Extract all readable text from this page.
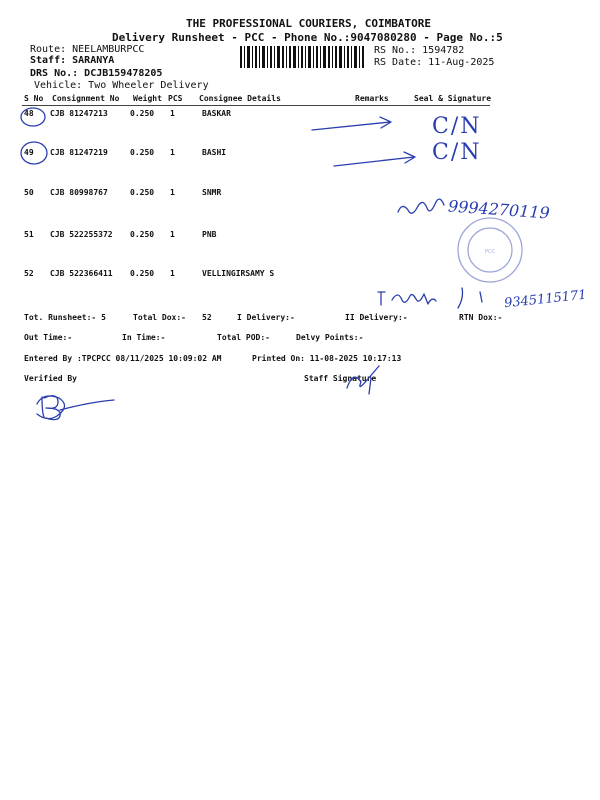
THE PROFESSIONAL COURIERS, COIMBATORE
Delivery Runsheet - PCC - Phone No.:9047080280 - Page No.:5
Route: NEELAMBURPCC
Staff: SARANYA
DRS No.: DCJB159478205
Vehicle: Two Wheeler Delivery
RS No.: 1594782
RS Date: 11-Aug-2025
S No Consignment No Weight PCS Consignee Details	Remarks	Seal & Signature
48 CJB 81247213	0.250 1	BASKAR
49 CJB 81247219	0.250 1	BASHI
50 CJB 80998767	0.250 1	SNMR
51 CJB 522255372 0.250 1	PNB
52 CJB 522366411 0.250 1	VELLINGIRSAMY S
Tot. Runsheet:- 5	Total Dox:- 52	I Delivery:-	II Delivery:-	RTN Dox:-
Out Time:-	In Time:-	Total POD:-	Delvy Points:-
Entered By :TPCPCC 08/11/2025 10:09:02 AM	Printed On: 11-08-2025 10:17:13
Verified By	Staff Signature
C/N
C/N
9994270119
9345115171
PCC
